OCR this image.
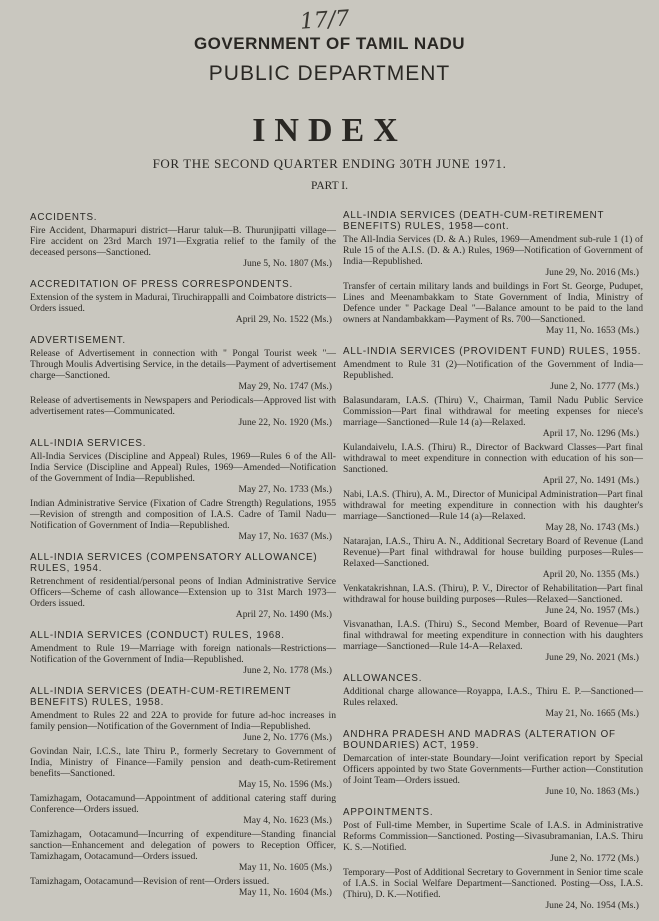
17/7
GOVERNMENT OF TAMIL NADU
PUBLIC DEPARTMENT
INDEX
FOR THE SECOND QUARTER ENDING 30TH JUNE 1971.
PART I.
ACCIDENTS.
Fire Accident, Dharmapuri district—Harur taluk—B. Thurunjipatti village—Fire accident on 23rd March 1971—Exgratia relief to the family of the deceased persons—Sanctioned.
June 5, No. 1807 (Ms.)
ACCREDITATION OF PRESS CORRESPONDENTS.
Extension of the system in Madurai, Tiruchirappalli and Coimbatore districts—Orders issued.
April 29, No. 1522 (Ms.)
ADVERTISEMENT.
Release of Advertisement in connection with " Pongal Tourist week "—Through Moulis Advertising Service, in the details—Payment of advertisement charge—Sanctioned.
May 29, No. 1747 (Ms.)
Release of advertisements in Newspapers and Periodicals—Approved list with advertisement rates—Communicated.
June 22, No. 1920 (Ms.)
ALL-INDIA SERVICES.
All-India Services (Discipline and Appeal) Rules, 1969—Rules 6 of the All-India Service (Discipline and Appeal) Rules, 1969—Amended—Notification of the Government of India—Republished.
May 27, No. 1733 (Ms.)
Indian Administrative Service (Fixation of Cadre Strength) Regulations, 1955—Revision of strength and composition of I.A.S. Cadre of Tamil Nadu—Notification of Government of India—Republished.
May 17, No. 1637 (Ms.)
ALL-INDIA SERVICES (COMPENSATORY ALLOWANCE) RULES, 1954.
Retrenchment of residential/personal peons of Indian Administrative Service Officers—Scheme of cash allowance—Extension up to 31st March 1973—Orders issued.
April 27, No. 1490 (Ms.)
ALL-INDIA SERVICES (CONDUCT) RULES, 1968.
Amendment to Rule 19—Marriage with foreign nationals—Restrictions—Notification of the Government of India—Republished.
June 2, No. 1778 (Ms.)
ALL-INDIA SERVICES (DEATH-CUM-RETIREMENT BENEFITS) RULES, 1958.
Amendment to Rules 22 and 22A to provide for future ad-hoc increases in family pension—Notification of the Government of India—Republished.
June 2, No. 1776 (Ms.)
Govindan Nair, I.C.S., late Thiru P., formerly Secretary to Government of India, Ministry of Finance—Family pension and death-cum-Retirement benefits—Sanctioned.
May 15, No. 1596 (Ms.)
Tamizhagam, Ootacamund—Appointment of additional catering staff during Conference—Orders issued.
May 4, No. 1623 (Ms.)
Tamizhagam, Ootacamund—Incurring of expenditure—Standing financial sanction—Enhancement and delegation of powers to Reception Officer, Tamizhagam, Ootacamund—Orders issued.
May 11, No. 1605 (Ms.)
Tamizhagam, Ootacamund—Revision of rent—Orders issued.
May 11, No. 1604 (Ms.)
ALL-INDIA SERVICES (DEATH-CUM-RETIREMENT BENEFITS) RULES, 1958—cont.
The All-India Services (D. & A.) Rules, 1969—Amendment sub-rule 1 (1) of Rule 15 of the A.I.S. (D. & A.) Rules, 1969—Notification of Government of India—Republished.
June 29, No. 2016 (Ms.)
Transfer of certain military lands and buildings in Fort St. George, Pudupet, Lines and Meenambakkam to State Government of India, Ministry of Defence under " Package Deal "—Balance amount to be paid to the land owners at Nandambakkam—Payment of Rs. 700—Sanctioned.
May 11, No. 1653 (Ms.)
ALL-INDIA SERVICES (PROVIDENT FUND) RULES, 1955.
Amendment to Rule 31 (2)—Notification of the Government of India—Republished.
June 2, No. 1777 (Ms.)
Balasundaram, I.A.S. (Thiru) V., Chairman, Tamil Nadu Public Service Commission—Part final withdrawal for meeting expenses for niece's marriage—Sanctioned—Rule 14 (a)—Relaxed.
April 17, No. 1296 (Ms.)
Kulandaivelu, I.A.S. (Thiru) R., Director of Backward Classes—Part final withdrawal to meet expenditure in connection with education of his son—Sanctioned.
April 27, No. 1491 (Ms.)
Nabi, I.A.S. (Thiru), A. M., Director of Municipal Administration—Part final withdrawal for meeting expenditure in connection with his daughter's marriage—Sanctioned—Rule 14 (a)—Relaxed.
May 28, No. 1743 (Ms.)
Natarajan, I.A.S., Thiru A. N., Additional Secretary Board of Revenue (Land Revenue)—Part final withdrawal for house building purposes—Rules—Relaxed—Sanctioned.
April 20, No. 1355 (Ms.)
Venkatakrishnan, I.A.S. (Thiru), P. V., Director of Rehabilitation—Part final withdrawal for house building purposes—Rules—Relaxed—Sanctioned.
June 24, No. 1957 (Ms.)
Visvanathan, I.A.S. (Thiru) S., Second Member, Board of Revenue—Part final withdrawal for meeting expenditure in connection with his daughters marriage—Sanctioned—Rule 14-A—Relaxed.
June 29, No. 2021 (Ms.)
ALLOWANCES.
Additional charge allowance—Royappa, I.A.S., Thiru E. P.—Sanctioned—Rules relaxed.
May 21, No. 1665 (Ms.)
ANDHRA PRADESH AND MADRAS (ALTERATION OF BOUNDARIES) ACT, 1959.
Demarcation of inter-state Boundary—Joint verification report by Special Officers appointed by two State Governments—Further action—Constitution of Joint Team—Orders issued.
June 10, No. 1863 (Ms.)
APPOINTMENTS.
Post of Full-time Member, in Supertime Scale of I.A.S. in Administrative Reforms Commission—Sanctioned. Posting—Sivasubramanian, I.A.S. Thiru K. S.—Notified.
June 2, No. 1772 (Ms.)
Temporary—Post of Additional Secretary to Government in Senior time scale of I.A.S. in Social Welfare Department—Sanctioned. Posting—Oss, I.A.S. (Thiru), D. K.—Notified.
June 24, No. 1954 (Ms.)
